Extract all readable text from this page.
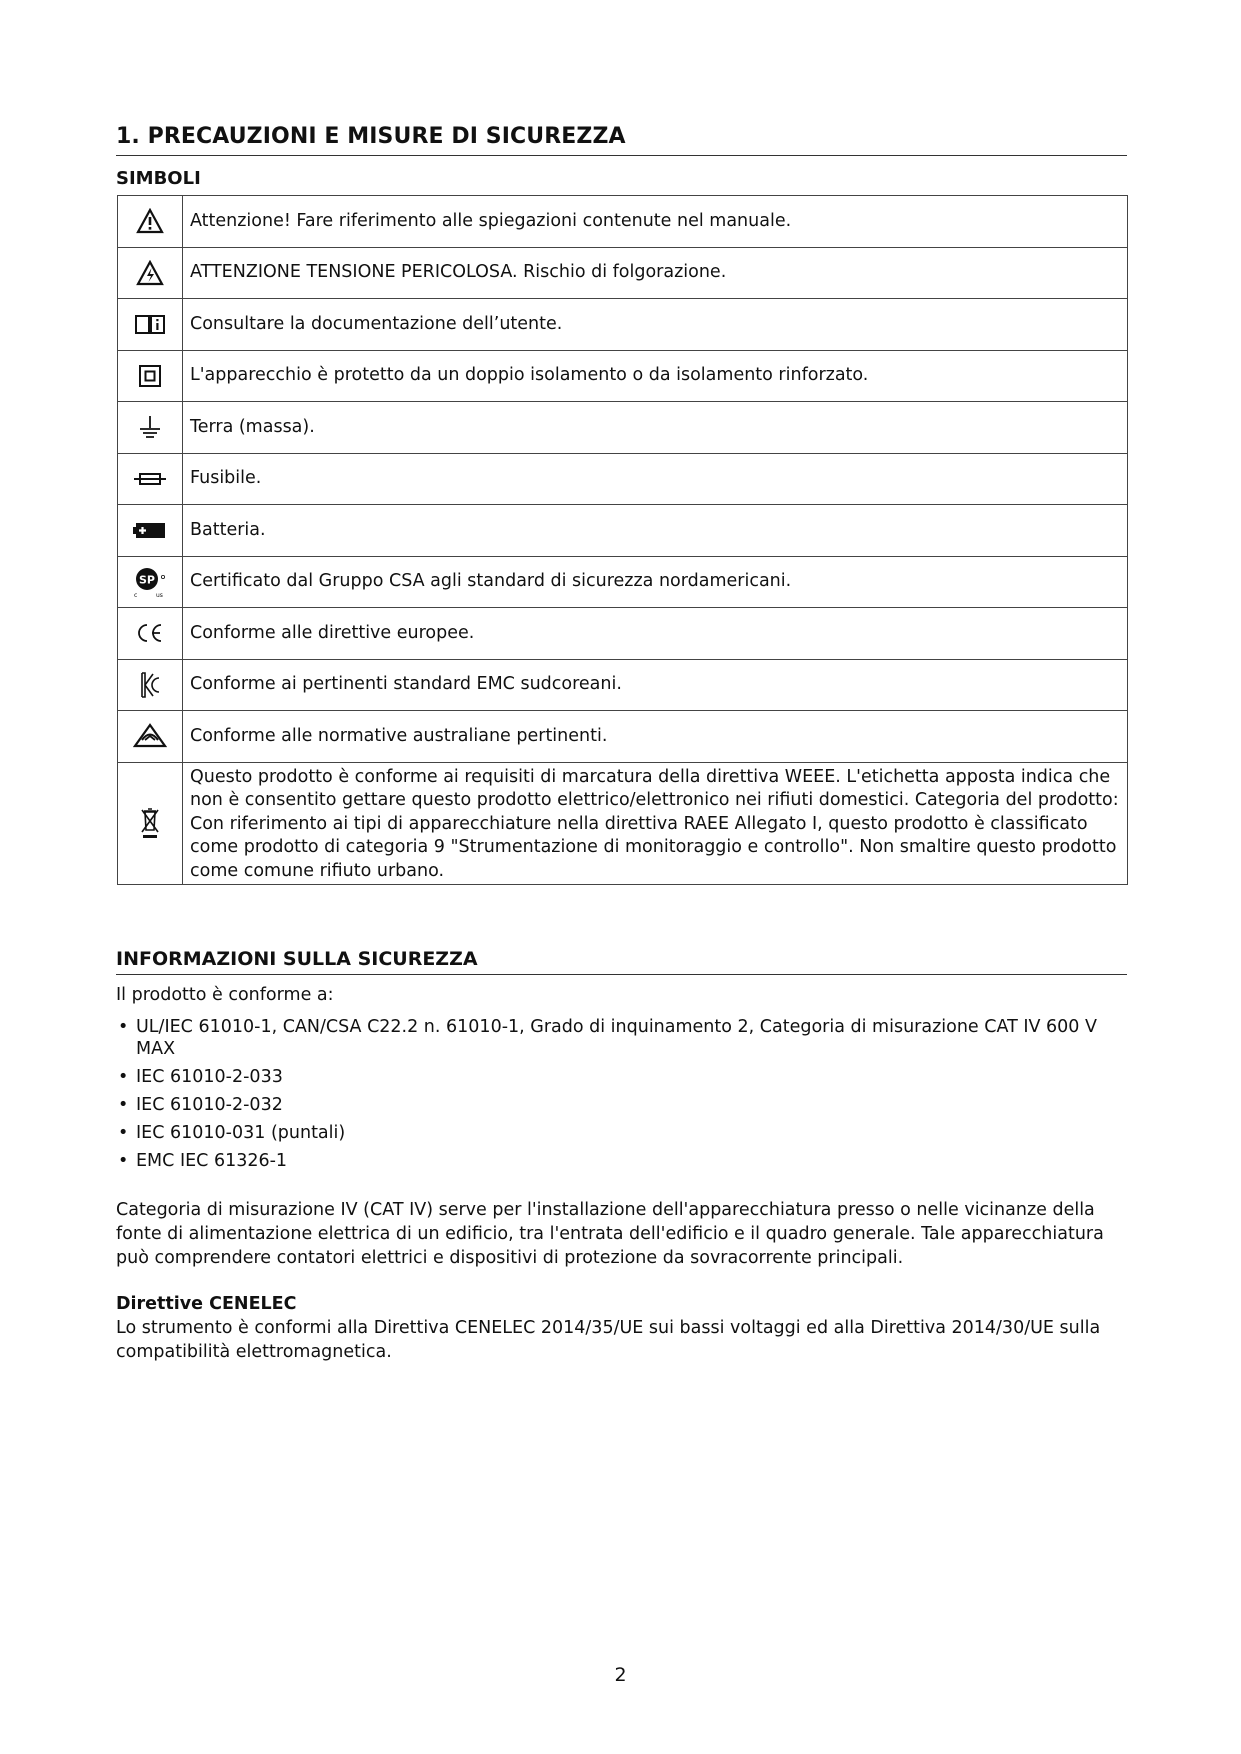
1. PRECAUZIONI E MISURE DI SICUREZZA
SIMBOLI
	Attenzione! Fare riferimento alle spiegazioni contenute nel manuale.

	ATTENZIONE TENSIONE PERICOLOSA. Rischio di folgorazione.

	Consultare la documentazione dell’utente.

	L'apparecchio è protetto da un doppio isolamento o da isolamento rinforzato.

	Terra (massa).

	Fusibile.

	Batteria.

SP
c us	Certificato dal Gruppo CSA agli standard di sicurezza nordamericani.

	Conforme alle direttive europee.

	Conforme ai pertinenti standard EMC sudcoreani.

	Conforme alle normative australiane pertinenti.

	Questo prodotto è conforme ai requisiti di marcatura della direttiva WEEE. L'etichetta apposta indica che non è consentito gettare questo prodotto elettrico/elettronico nei rifiuti domestici. Categoria del prodotto: Con riferimento ai tipi di apparecchiature nella direttiva RAEE Allegato I, questo prodotto è classificato come prodotto di categoria 9 "Strumentazione di monitoraggio e controllo". Non smaltire questo prodotto come comune rifiuto urbano.
INFORMAZIONI SULLA SICUREZZA
Il prodotto è conforme a:
• UL/IEC 61010-1, CAN/CSA C22.2 n. 61010-1, Grado di inquinamento 2, Categoria di misurazione CAT IV 600 V MAX
• IEC 61010-2-033
• IEC 61010-2-032
• IEC 61010-031 (puntali)
• EMC IEC 61326-1
Categoria di misurazione IV (CAT IV) serve per l'installazione dell'apparecchiatura presso o nelle vicinanze della fonte di alimentazione elettrica di un edificio, tra l'entrata dell'edificio e il quadro generale. Tale apparecchiatura può comprendere contatori elettrici e dispositivi di protezione da sovracorrente principali.
Direttive CENELEC
Lo strumento è conformi alla Direttiva CENELEC 2014/35/UE sui bassi voltaggi ed alla Direttiva 2014/30/UE sulla compatibilità elettromagnetica.
2
